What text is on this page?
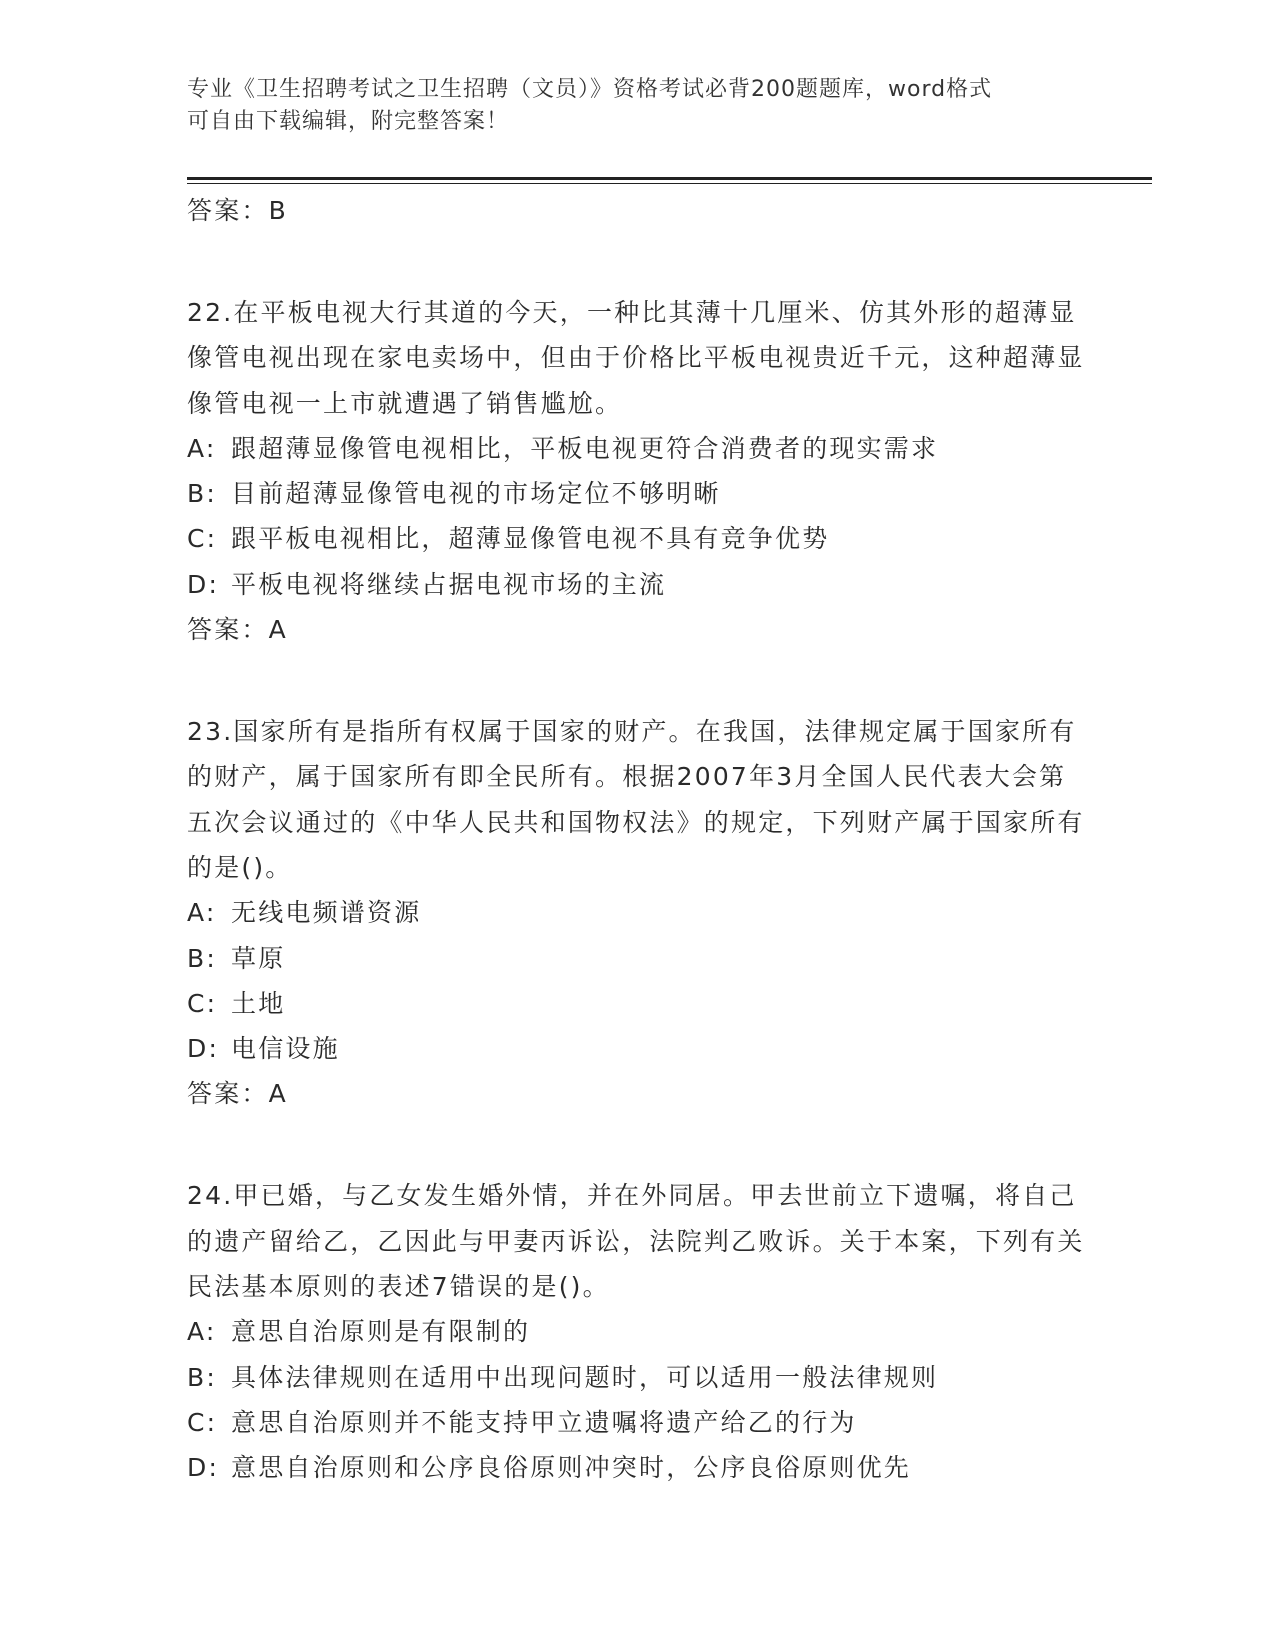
专业《卫生招聘考试之卫生招聘（文员）》资格考试必背200题题库，word格式
可自由下载编辑，附完整答案！
答案：B
22.在平板电视大行其道的今天，一种比其薄十几厘米、仿其外形的超薄显像管电视出现在家电卖场中，但由于价格比平板电视贵近千元，这种超薄显像管电视一上市就遭遇了销售尴尬。
A: 跟超薄显像管电视相比，平板电视更符合消费者的现实需求
B: 目前超薄显像管电视的市场定位不够明晰
C: 跟平板电视相比，超薄显像管电视不具有竞争优势
D: 平板电视将继续占据电视市场的主流
答案：A
23.国家所有是指所有权属于国家的财产。在我国，法律规定属于国家所有的财产，属于国家所有即全民所有。根据2007年3月全国人民代表大会第五次会议通过的《中华人民共和国物权法》的规定，下列财产属于国家所有的是()。
A: 无线电频谱资源
B: 草原
C: 土地
D: 电信设施
答案：A
24.甲已婚，与乙女发生婚外情，并在外同居。甲去世前立下遗嘱，将自己的遗产留给乙，乙因此与甲妻丙诉讼，法院判乙败诉。关于本案，下列有关民法基本原则的表述7错误的是()。
A: 意思自治原则是有限制的
B: 具体法律规则在适用中出现问题时，可以适用一般法律规则
C: 意思自治原则并不能支持甲立遗嘱将遗产给乙的行为
D: 意思自治原则和公序良俗原则冲突时，公序良俗原则优先
